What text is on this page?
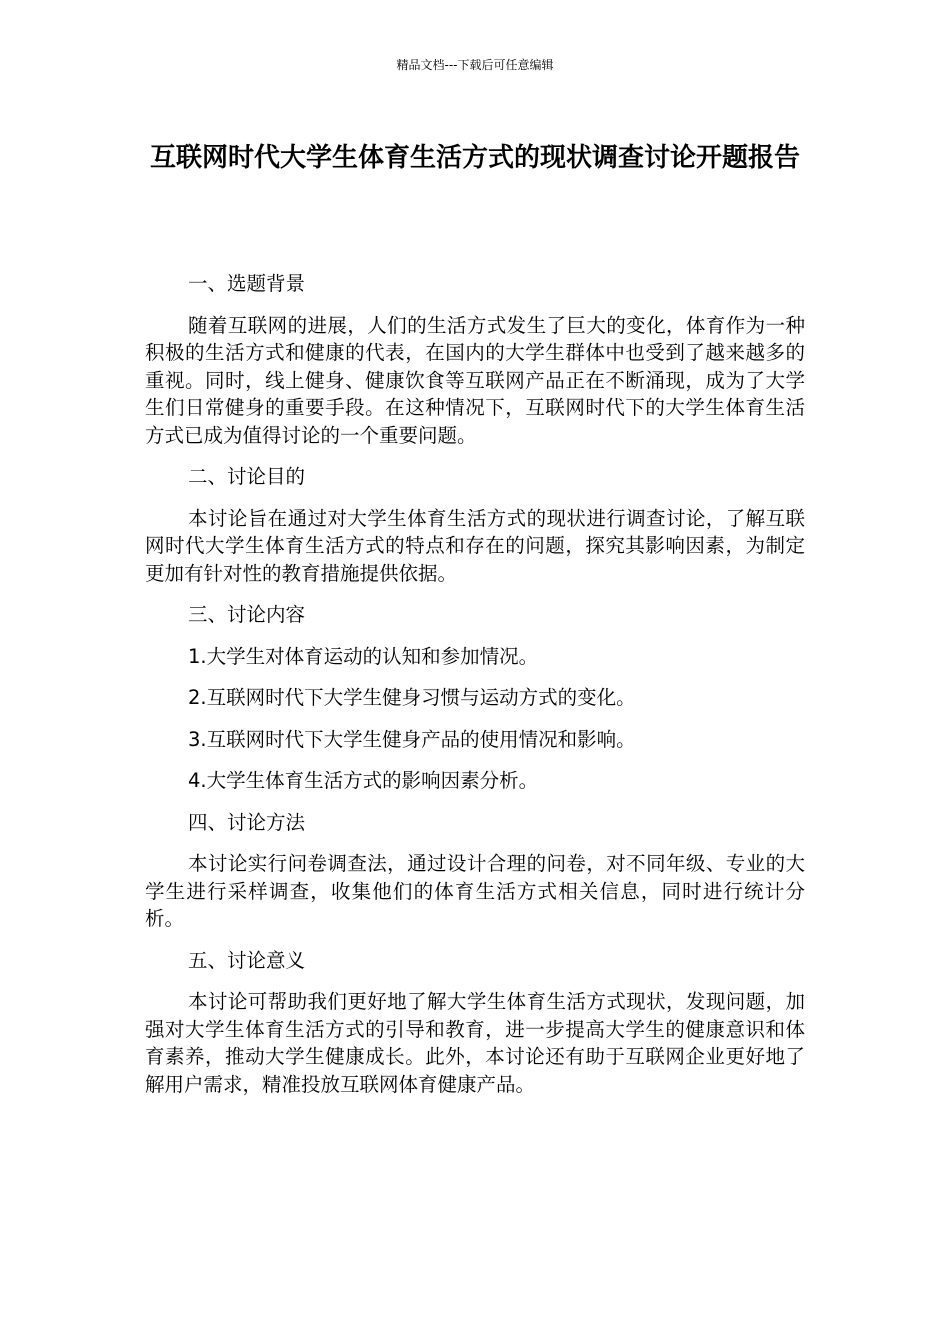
精品文档---下载后可任意编辑
互联网时代大学生体育生活方式的现状调查讨论开题报告

一、选题背景

随着互联网的进展，人们的生活方式发生了巨大的变化，体育作为一种积极的生活方式和健康的代表，在国内的大学生群体中也受到了越来越多的重视。同时，线上健身、健康饮食等互联网产品正在不断涌现，成为了大学生们日常健身的重要手段。在这种情况下，互联网时代下的大学生体育生活方式已成为值得讨论的一个重要问题。

二、讨论目的

本讨论旨在通过对大学生体育生活方式的现状进行调查讨论，了解互联网时代大学生体育生活方式的特点和存在的问题，探究其影响因素，为制定更加有针对性的教育措施提供依据。

三、讨论内容

1.大学生对体育运动的认知和参加情况。

2.互联网时代下大学生健身习惯与运动方式的变化。

3.互联网时代下大学生健身产品的使用情况和影响。

4.大学生体育生活方式的影响因素分析。

四、讨论方法

本讨论实行问卷调查法，通过设计合理的问卷，对不同年级、专业的大学生进行采样调查，收集他们的体育生活方式相关信息，同时进行统计分析。

五、讨论意义

本讨论可帮助我们更好地了解大学生体育生活方式现状，发现问题，加强对大学生体育生活方式的引导和教育，进一步提高大学生的健康意识和体育素养，推动大学生健康成长。此外，本讨论还有助于互联网企业更好地了解用户需求，精准投放互联网体育健康产品。
